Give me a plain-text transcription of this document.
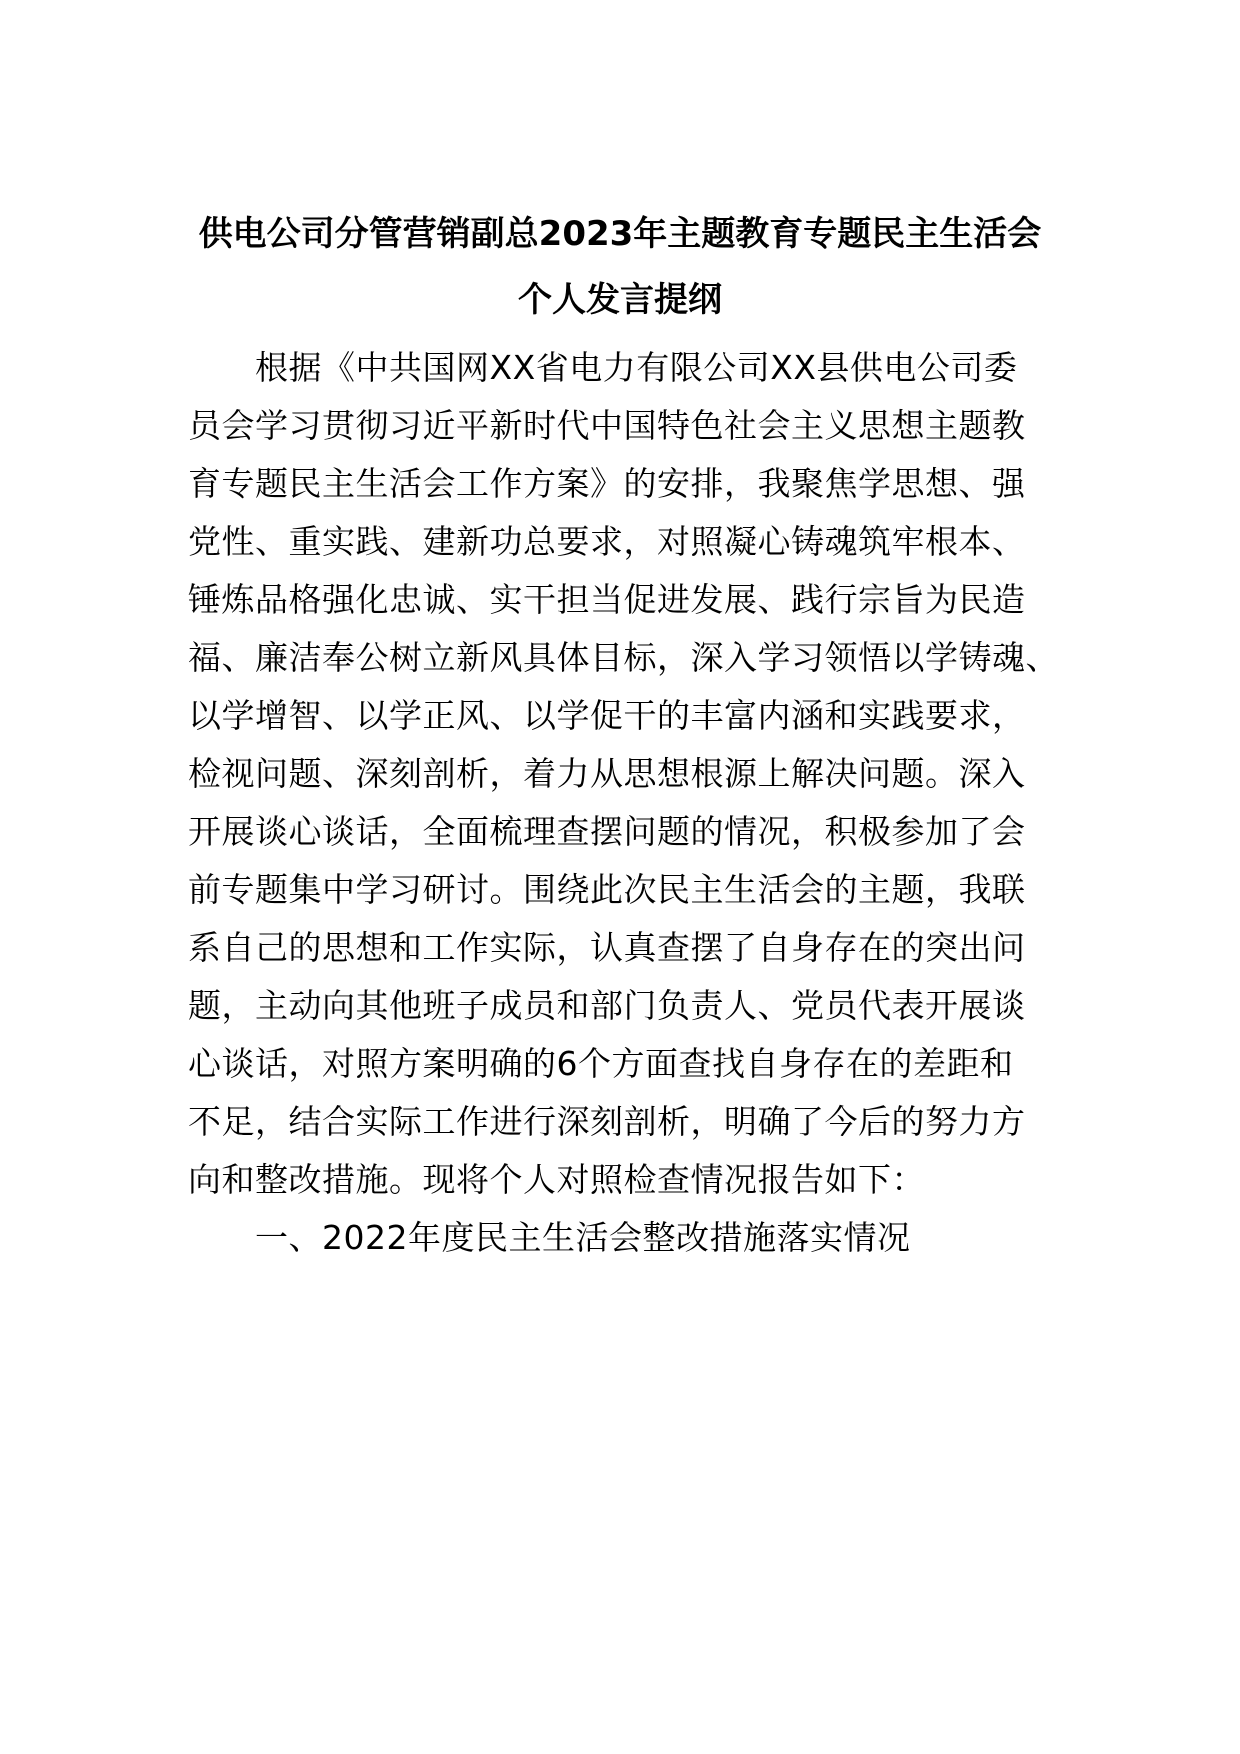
供电公司分管营销副总2023年主题教育专题民主生活会
个人发言提纲
　　根据《中共国网XX省电力有限公司XX县供电公司委
员会学习贯彻习近平新时代中国特色社会主义思想主题教
育专题民主生活会工作方案》的安排，我聚焦学思想、强
党性、重实践、建新功总要求，对照凝心铸魂筑牢根本、
锤炼品格强化忠诚、实干担当促进发展、践行宗旨为民造
福、廉洁奉公树立新风具体目标，深入学习领悟以学铸魂、
以学增智、以学正风、以学促干的丰富内涵和实践要求，
检视问题、深刻剖析，着力从思想根源上解决问题。深入
开展谈心谈话，全面梳理查摆问题的情况，积极参加了会
前专题集中学习研讨。围绕此次民主生活会的主题，我联
系自己的思想和工作实际，认真查摆了自身存在的突出问
题，主动向其他班子成员和部门负责人、党员代表开展谈
心谈话，对照方案明确的6个方面查找自身存在的差距和
不足，结合实际工作进行深刻剖析，明确了今后的努力方
向和整改措施。现将个人对照检查情况报告如下：
　　一、2022年度民主生活会整改措施落实情况
